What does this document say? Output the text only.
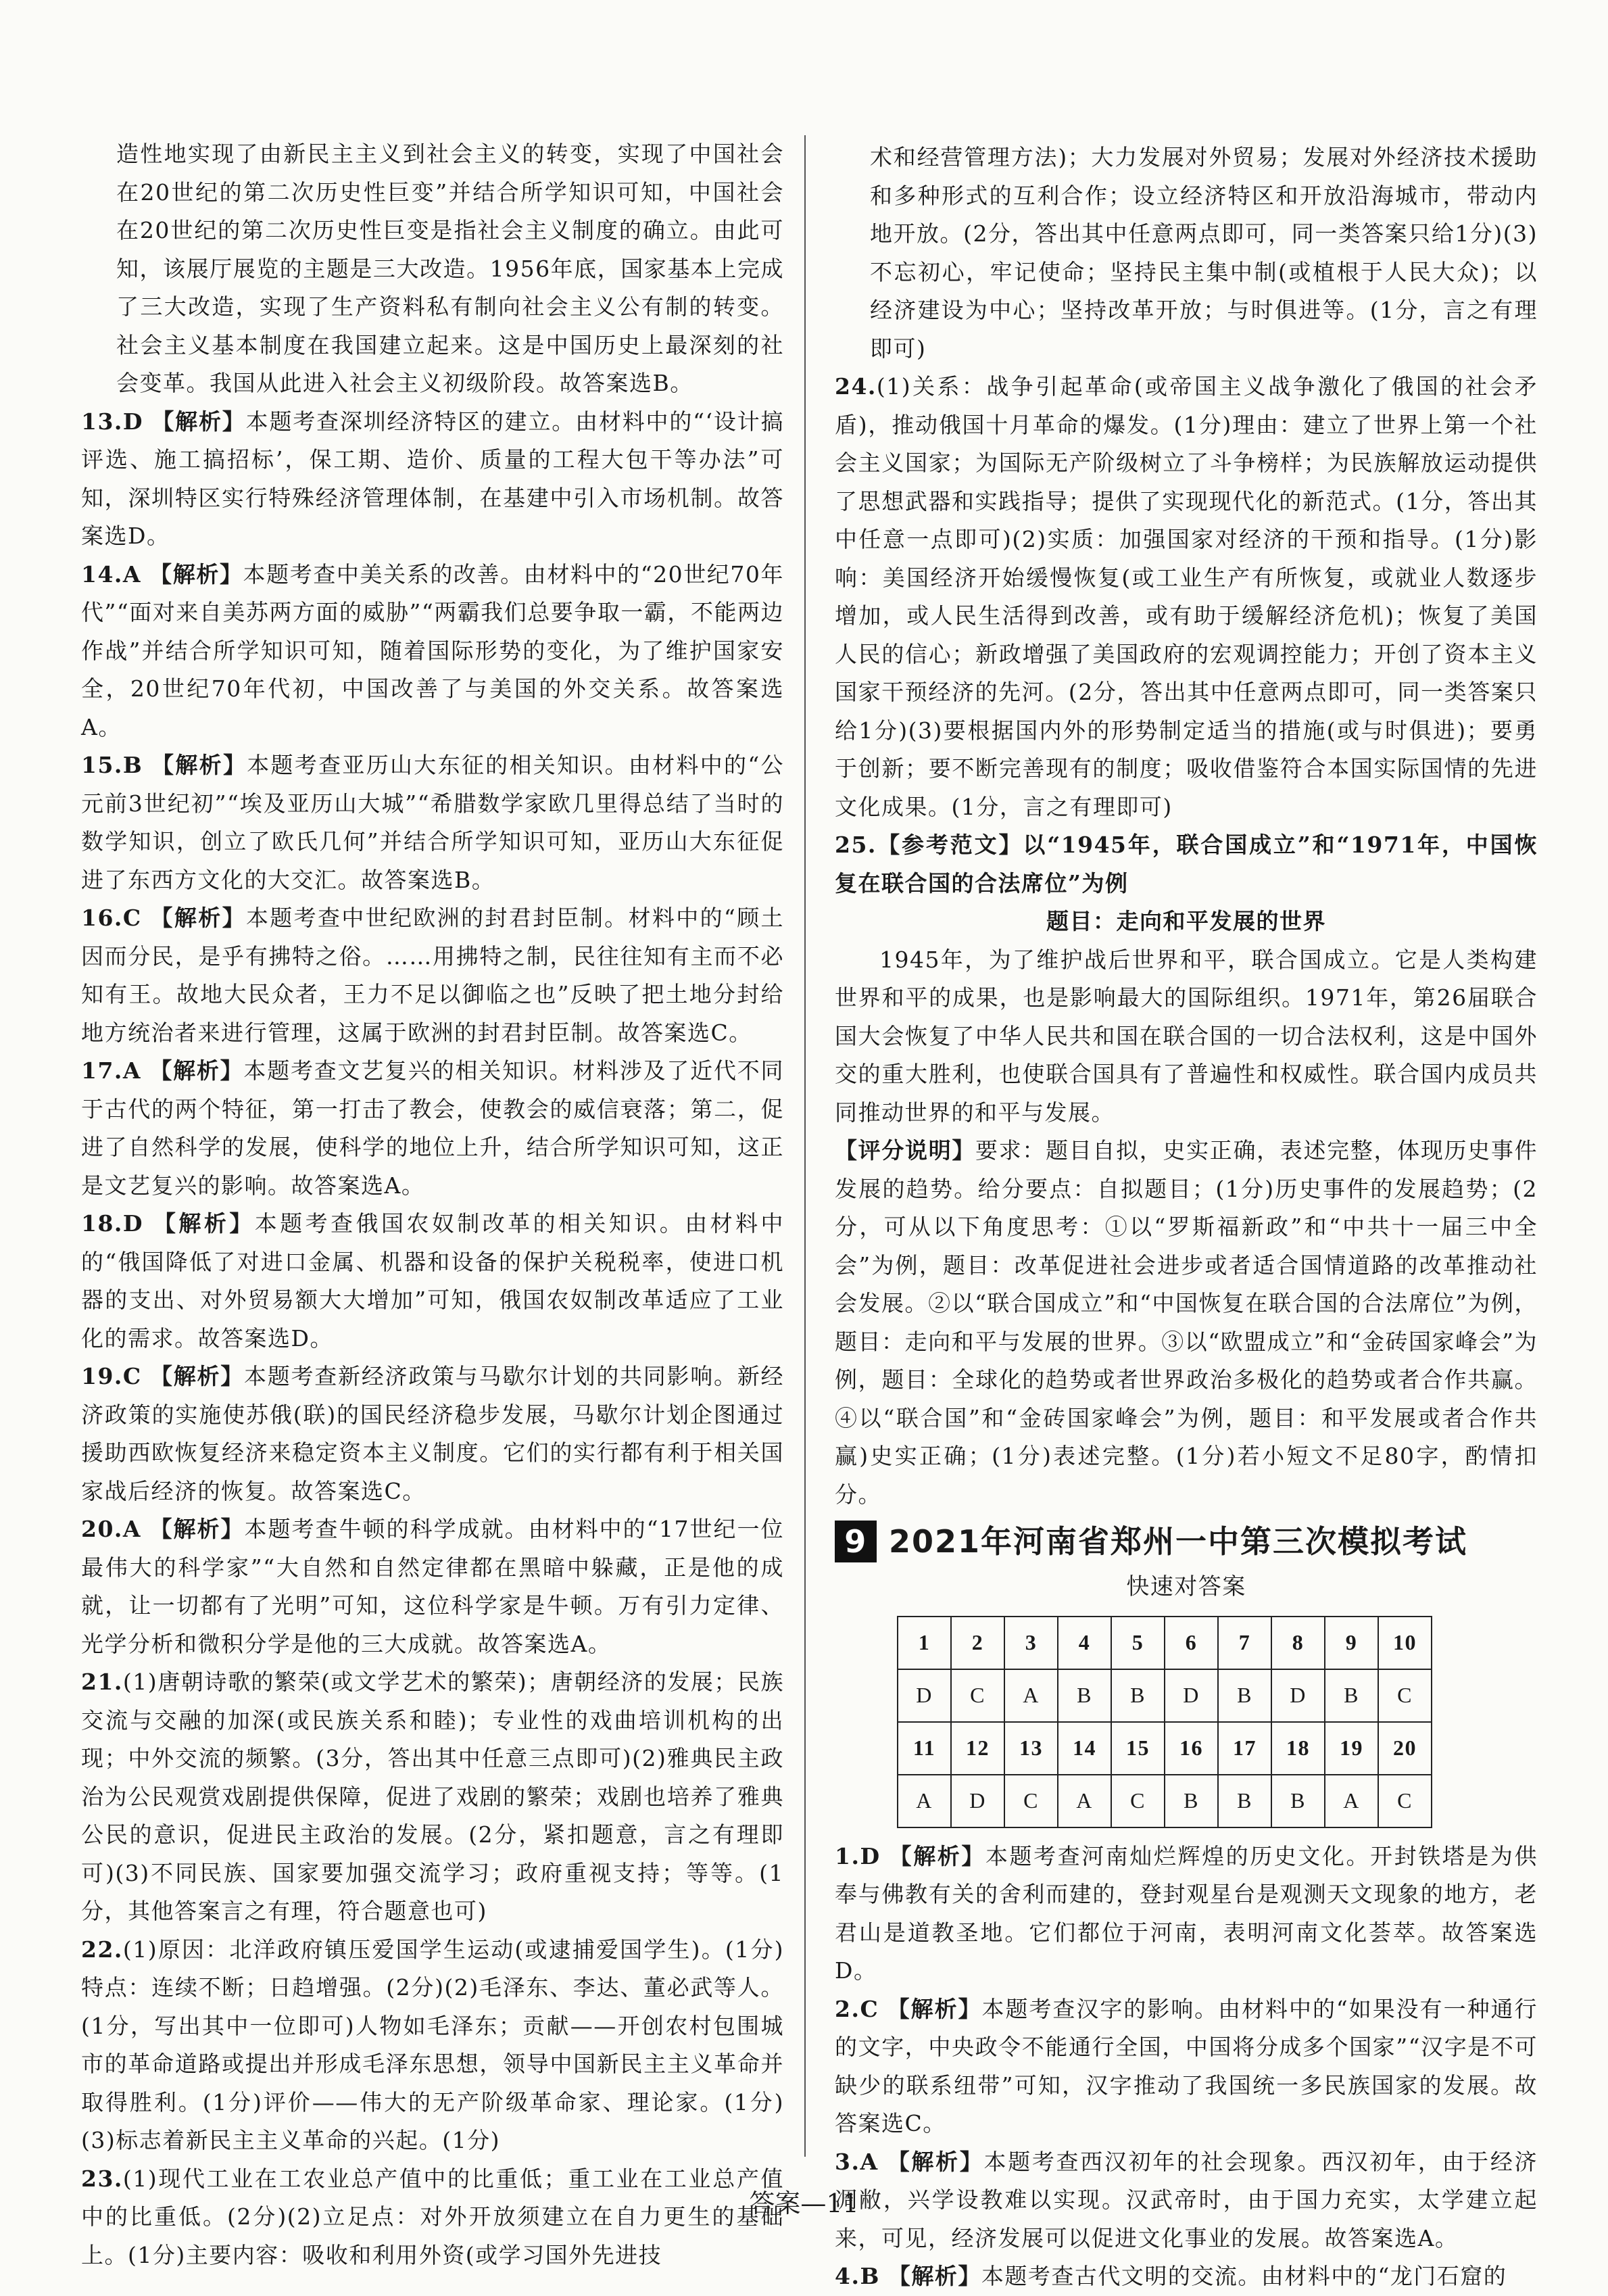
造性地实现了由新民主主义到社会主义的转变，实现了中国社会在20世纪的第二次历史性巨变”并结合所学知识可知，中国社会在20世纪的第二次历史性巨变是指社会主义制度的确立。由此可知，该展厅展览的主题是三大改造。1956年底，国家基本上完成了三大改造，实现了生产资料私有制向社会主义公有制的转变。社会主义基本制度在我国建立起来。这是中国历史上最深刻的社会变革。我国从此进入社会主义初级阶段。故答案选B。
13.D 【解析】本题考查深圳经济特区的建立。由材料中的“‘设计搞评选、施工搞招标’，保工期、造价、质量的工程大包干等办法”可知，深圳特区实行特殊经济管理体制，在基建中引入市场机制。故答案选D。
14.A 【解析】本题考查中美关系的改善。由材料中的“20世纪70年代”“面对来自美苏两方面的威胁”“两霸我们总要争取一霸，不能两边作战”并结合所学知识可知，随着国际形势的变化，为了维护国家安全，20世纪70年代初，中国改善了与美国的外交关系。故答案选A。
15.B 【解析】本题考查亚历山大东征的相关知识。由材料中的“公元前3世纪初”“埃及亚历山大城”“希腊数学家欧几里得总结了当时的数学知识，创立了欧氏几何”并结合所学知识可知，亚历山大东征促进了东西方文化的大交汇。故答案选B。
16.C 【解析】本题考查中世纪欧洲的封君封臣制。材料中的“顾土因而分民，是乎有拂特之俗。……用拂特之制，民往往知有主而不必知有王。故地大民众者，王力不足以御临之也”反映了把土地分封给地方统治者来进行管理，这属于欧洲的封君封臣制。故答案选C。
17.A 【解析】本题考查文艺复兴的相关知识。材料涉及了近代不同于古代的两个特征，第一打击了教会，使教会的威信衰落；第二，促进了自然科学的发展，使科学的地位上升，结合所学知识可知，这正是文艺复兴的影响。故答案选A。
18.D 【解析】本题考查俄国农奴制改革的相关知识。由材料中的“俄国降低了对进口金属、机器和设备的保护关税税率，使进口机器的支出、对外贸易额大大增加”可知，俄国农奴制改革适应了工业化的需求。故答案选D。
19.C 【解析】本题考查新经济政策与马歇尔计划的共同影响。新经济政策的实施使苏俄(联)的国民经济稳步发展，马歇尔计划企图通过援助西欧恢复经济来稳定资本主义制度。它们的实行都有利于相关国家战后经济的恢复。故答案选C。
20.A 【解析】本题考查牛顿的科学成就。由材料中的“17世纪一位最伟大的科学家”“大自然和自然定律都在黑暗中躲藏，正是他的成就，让一切都有了光明”可知，这位科学家是牛顿。万有引力定律、光学分析和微积分学是他的三大成就。故答案选A。
21.(1)唐朝诗歌的繁荣(或文学艺术的繁荣)；唐朝经济的发展；民族交流与交融的加深(或民族关系和睦)；专业性的戏曲培训机构的出现；中外交流的频繁。(3分，答出其中任意三点即可)(2)雅典民主政治为公民观赏戏剧提供保障，促进了戏剧的繁荣；戏剧也培养了雅典公民的意识，促进民主政治的发展。(2分，紧扣题意，言之有理即可)(3)不同民族、国家要加强交流学习；政府重视支持；等等。(1分，其他答案言之有理，符合题意也可)
22.(1)原因：北洋政府镇压爱国学生运动(或逮捕爱国学生)。(1分)特点：连续不断；日趋增强。(2分)(2)毛泽东、李达、董必武等人。(1分，写出其中一位即可)人物如毛泽东；贡献——开创农村包围城市的革命道路或提出并形成毛泽东思想，领导中国新民主主义革命并取得胜利。(1分)评价——伟大的无产阶级革命家、理论家。(1分)(3)标志着新民主主义革命的兴起。(1分)
23.(1)现代工业在工农业总产值中的比重低；重工业在工业总产值中的比重低。(2分)(2)立足点：对外开放须建立在自力更生的基础上。(1分)主要内容：吸收和利用外资(或学习国外先进技
术和经营管理方法)；大力发展对外贸易；发展对外经济技术援助和多种形式的互利合作；设立经济特区和开放沿海城市，带动内地开放。(2分，答出其中任意两点即可，同一类答案只给1分)(3)不忘初心，牢记使命；坚持民主集中制(或植根于人民大众)；以经济建设为中心；坚持改革开放；与时俱进等。(1分，言之有理即可)
24.(1)关系：战争引起革命(或帝国主义战争激化了俄国的社会矛盾)，推动俄国十月革命的爆发。(1分)理由：建立了世界上第一个社会主义国家；为国际无产阶级树立了斗争榜样；为民族解放运动提供了思想武器和实践指导；提供了实现现代化的新范式。(1分，答出其中任意一点即可)(2)实质：加强国家对经济的干预和指导。(1分)影响：美国经济开始缓慢恢复(或工业生产有所恢复，或就业人数逐步增加，或人民生活得到改善，或有助于缓解经济危机)；恢复了美国人民的信心；新政增强了美国政府的宏观调控能力；开创了资本主义国家干预经济的先河。(2分，答出其中任意两点即可，同一类答案只给1分)(3)要根据国内外的形势制定适当的措施(或与时俱进)；要勇于创新；要不断完善现有的制度；吸收借鉴符合本国实际国情的先进文化成果。(1分，言之有理即可)
25.【参考范文】以“1945年，联合国成立”和“1971年，中国恢复在联合国的合法席位”为例
题目：走向和平发展的世界
1945年，为了维护战后世界和平，联合国成立。它是人类构建世界和平的成果，也是影响最大的国际组织。1971年，第26届联合国大会恢复了中华人民共和国在联合国的一切合法权利，这是中国外交的重大胜利，也使联合国具有了普遍性和权威性。联合国内成员共同推动世界的和平与发展。
【评分说明】要求：题目自拟，史实正确，表述完整，体现历史事件发展的趋势。给分要点：自拟题目；(1分)历史事件的发展趋势；(2分，可从以下角度思考：①以“罗斯福新政”和“中共十一届三中全会”为例，题目：改革促进社会进步或者适合国情道路的改革推动社会发展。②以“联合国成立”和“中国恢复在联合国的合法席位”为例，题目：走向和平与发展的世界。③以“欧盟成立”和“金砖国家峰会”为例，题目：全球化的趋势或者世界政治多极化的趋势或者合作共赢。④以“联合国”和“金砖国家峰会”为例，题目：和平发展或者合作共赢)史实正确；(1分)表述完整。(1分)若小短文不足80字，酌情扣分。
9 2021年河南省郑州一中第三次模拟考试
快速对答案
1	2	3	4	5	6	7	8	9	10
D	C	A	B	B	D	B	D	B	C
11	12	13	14	15	16	17	18	19	20
A	D	C	A	C	B	B	B	A	C
1.D 【解析】本题考查河南灿烂辉煌的历史文化。开封铁塔是为供奉与佛教有关的舍利而建的，登封观星台是观测天文现象的地方，老君山是道教圣地。它们都位于河南，表明河南文化荟萃。故答案选D。
2.C 【解析】本题考查汉字的影响。由材料中的“如果没有一种通行的文字，中央政令不能通行全国，中国将分成多个国家”“汉字是不可缺少的联系纽带”可知，汉字推动了我国统一多民族国家的发展。故答案选C。
3.A 【解析】本题考查西汉初年的社会现象。西汉初年，由于经济凋敝，兴学设教难以实现。汉武帝时，由于国力充实，太学建立起来，可见，经济发展可以促进文化事业的发展。故答案选A。
4.B 【解析】本题考查古代文明的交流。由材料中的“龙门石窟的
答案—11
